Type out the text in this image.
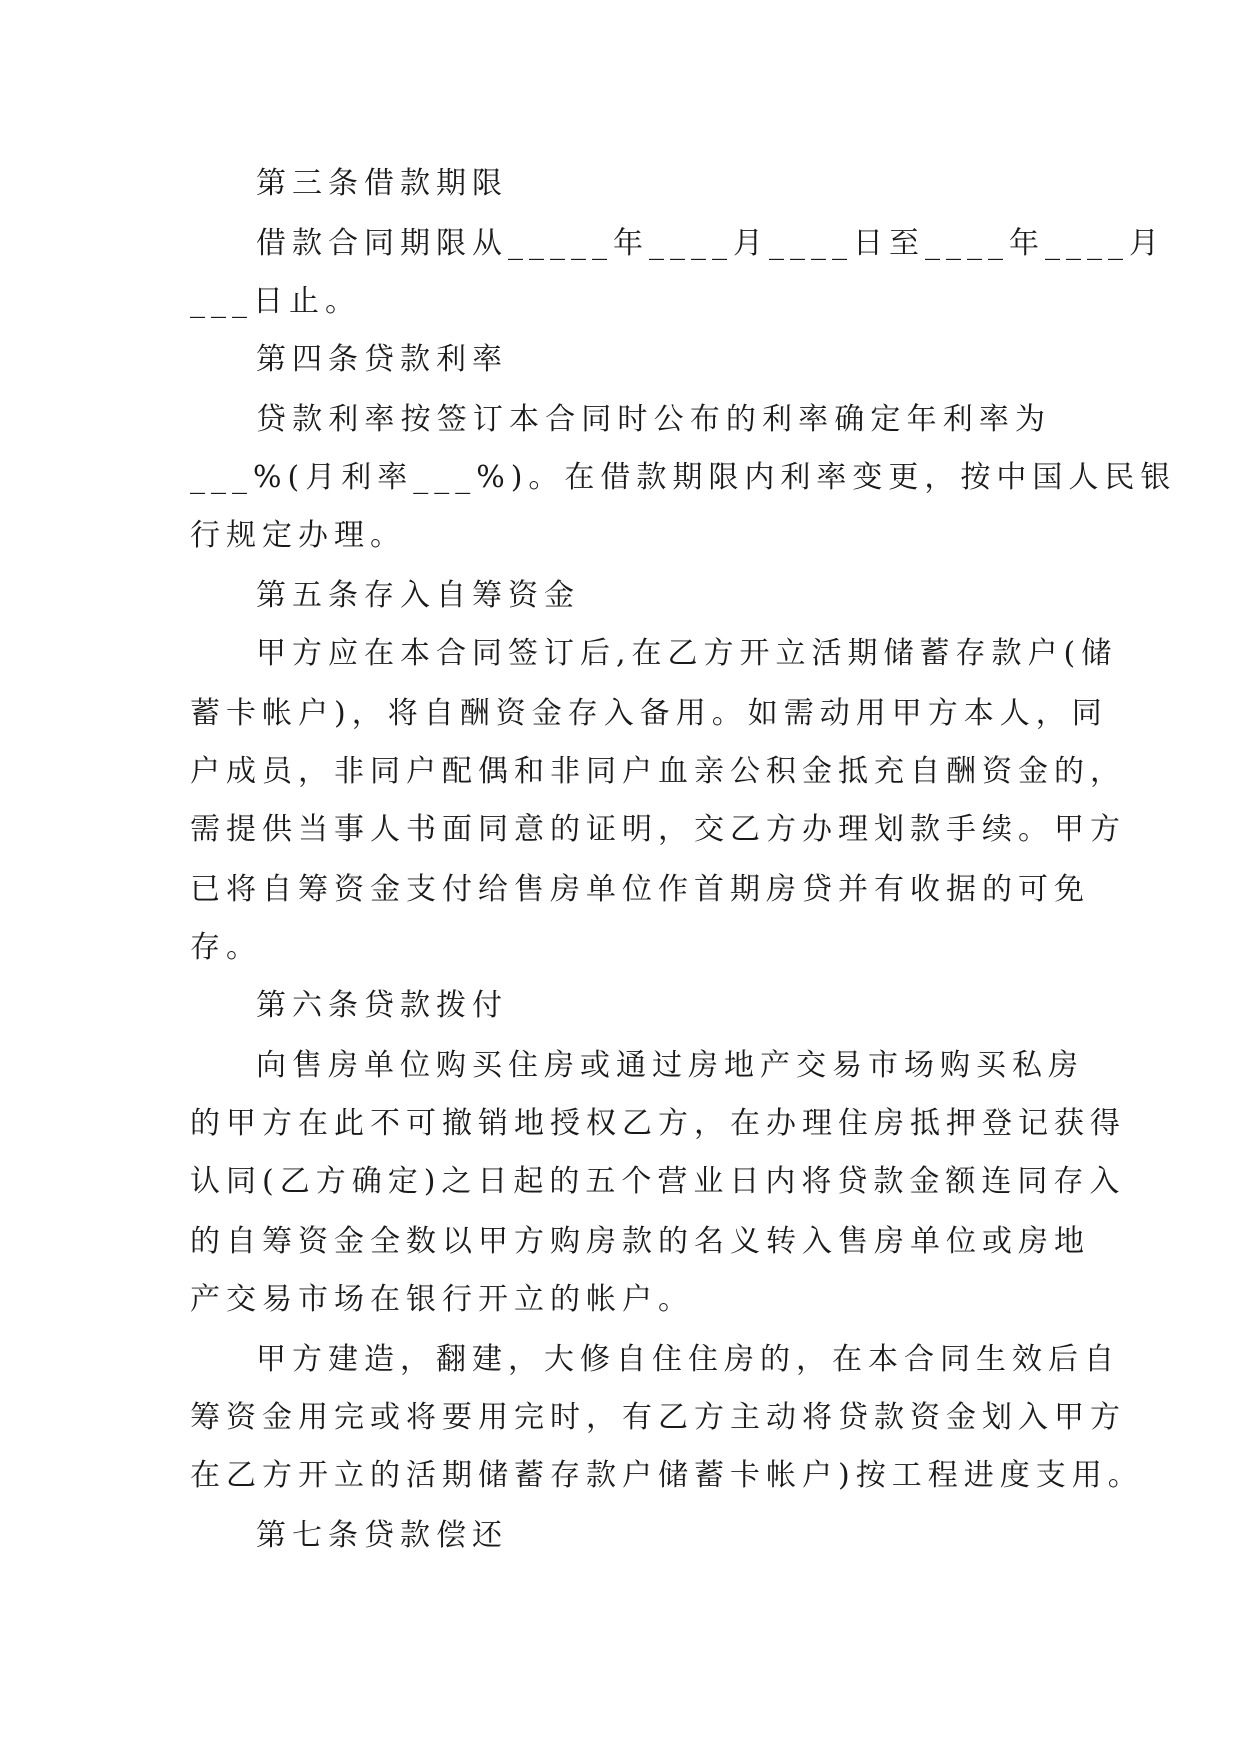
第三条借款期限
借款合同期限从_____年____月____日至____年____月
___日止。
第四条贷款利率
贷款利率按签订本合同时公布的利率确定年利率为
___%(月利率___%)。在借款期限内利率变更，按中国人民银
行规定办理。
第五条存入自筹资金
甲方应在本合同签订后,在乙方开立活期储蓄存款户(储
蓄卡帐户)，将自酬资金存入备用。如需动用甲方本人，同
户成员，非同户配偶和非同户血亲公积金抵充自酬资金的，
需提供当事人书面同意的证明，交乙方办理划款手续。甲方
已将自筹资金支付给售房单位作首期房贷并有收据的可免
存。
第六条贷款拨付
向售房单位购买住房或通过房地产交易市场购买私房
的甲方在此不可撤销地授权乙方，在办理住房抵押登记获得
认同(乙方确定)之日起的五个营业日内将贷款金额连同存入
的自筹资金全数以甲方购房款的名义转入售房单位或房地
产交易市场在银行开立的帐户。
甲方建造，翻建，大修自住住房的，在本合同生效后自
筹资金用完或将要用完时，有乙方主动将贷款资金划入甲方
在乙方开立的活期储蓄存款户储蓄卡帐户)按工程进度支用。
第七条贷款偿还
